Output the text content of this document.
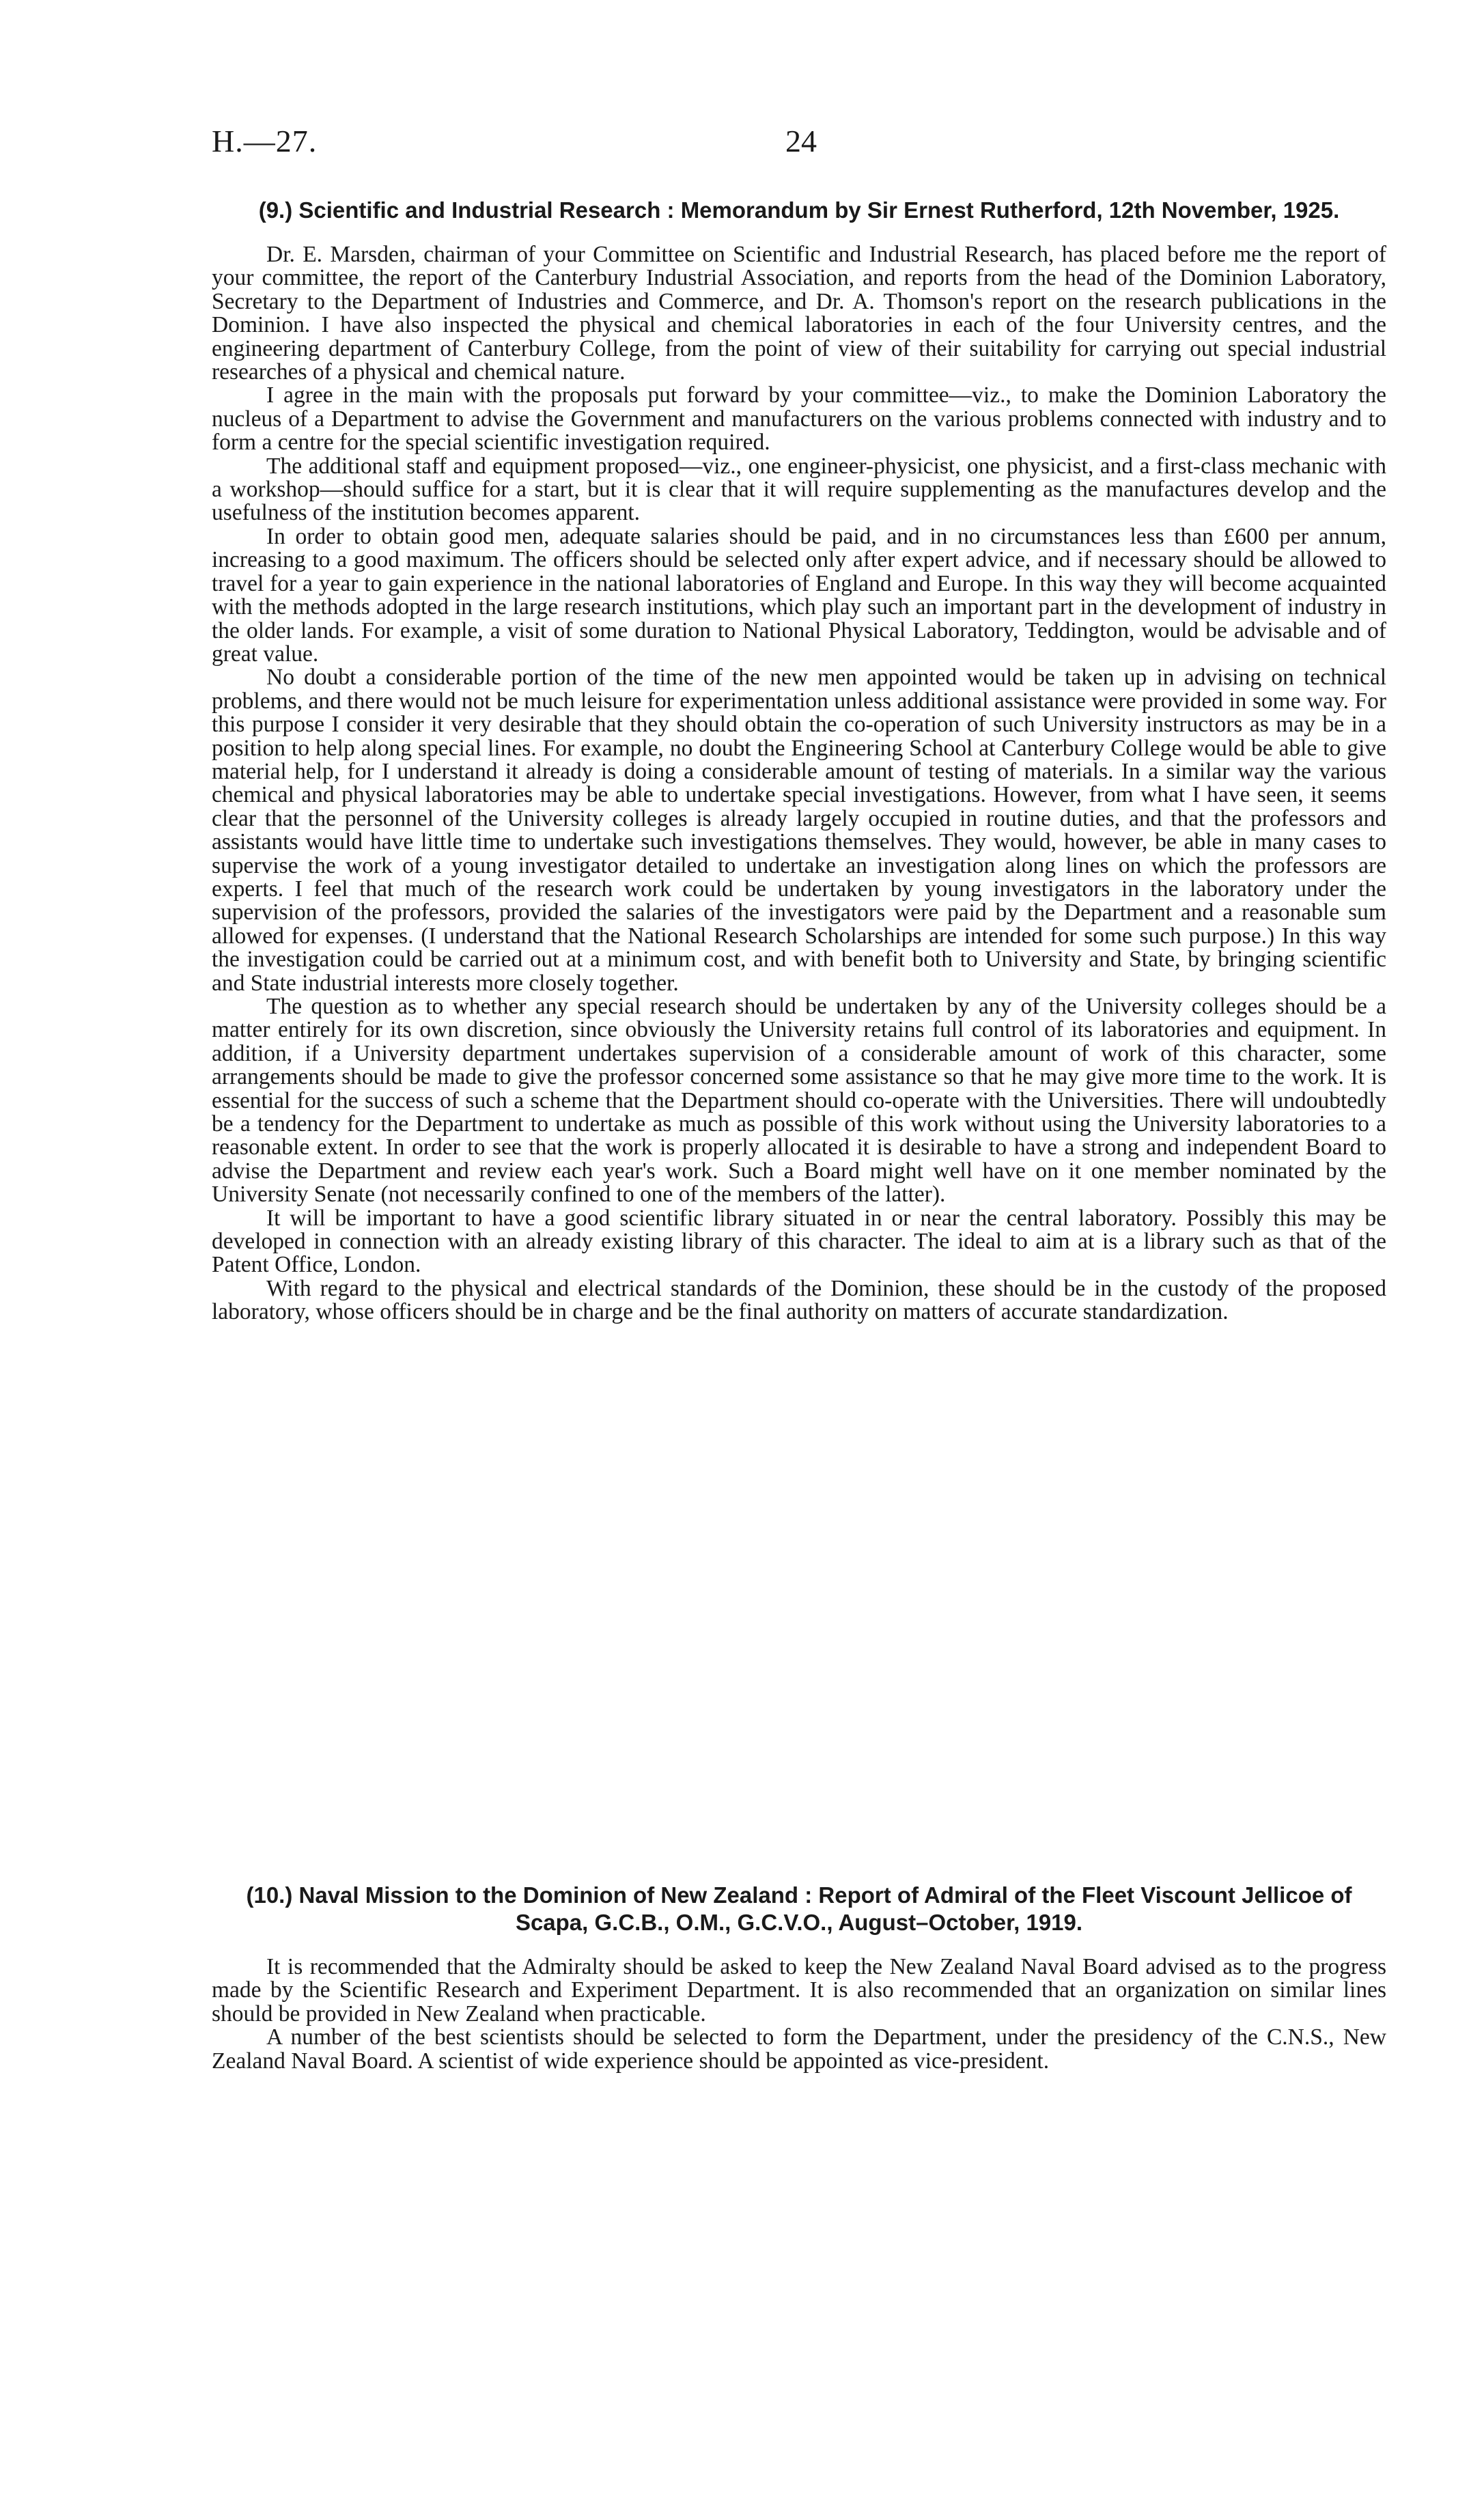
H.—27.	24
(9.) Scientific and Industrial Research : Memorandum by Sir Ernest Rutherford, 12th November, 1925.

Dr. E. Marsden, chairman of your Committee on Scientific and Industrial Research, has placed before me the report of your committee, the report of the Canterbury Industrial Association, and reports from the head of the Dominion Laboratory, Secretary to the Department of Industries and Commerce, and Dr. A. Thomson's report on the research publications in the Dominion. I have also inspected the physical and chemical laboratories in each of the four University centres, and the engineering department of Canterbury College, from the point of view of their suitability for carrying out special industrial researches of a physical and chemical nature.

I agree in the main with the proposals put forward by your committee—viz., to make the Dominion Laboratory the nucleus of a Department to advise the Government and manufacturers on the various problems connected with industry and to form a centre for the special scientific investigation required.

The additional staff and equipment proposed—viz., one engineer-physicist, one physicist, and a first-class mechanic with a workshop—should suffice for a start, but it is clear that it will require supplementing as the manufactures develop and the usefulness of the institution becomes apparent.

In order to obtain good men, adequate salaries should be paid, and in no circumstances less than £600 per annum, increasing to a good maximum. The officers should be selected only after expert advice, and if necessary should be allowed to travel for a year to gain experience in the national laboratories of England and Europe. In this way they will become acquainted with the methods adopted in the large research institutions, which play such an important part in the development of industry in the older lands. For example, a visit of some duration to National Physical Laboratory, Teddington, would be advisable and of great value.

No doubt a considerable portion of the time of the new men appointed would be taken up in advising on technical problems, and there would not be much leisure for experimentation unless additional assistance were provided in some way. For this purpose I consider it very desirable that they should obtain the co-operation of such University instructors as may be in a position to help along special lines. For example, no doubt the Engineering School at Canterbury College would be able to give material help, for I understand it already is doing a considerable amount of testing of materials. In a similar way the various chemical and physical laboratories may be able to undertake special investigations. However, from what I have seen, it seems clear that the personnel of the University colleges is already largely occupied in routine duties, and that the professors and assistants would have little time to undertake such investigations themselves. They would, however, be able in many cases to supervise the work of a young investigator detailed to undertake an investigation along lines on which the professors are experts. I feel that much of the research work could be undertaken by young investigators in the laboratory under the supervision of the professors, provided the salaries of the investigators were paid by the Department and a reasonable sum allowed for expenses. (I understand that the National Research Scholarships are intended for some such purpose.) In this way the investigation could be carried out at a minimum cost, and with benefit both to University and State, by bringing scientific and State industrial interests more closely together.

The question as to whether any special research should be undertaken by any of the University colleges should be a matter entirely for its own discretion, since obviously the University retains full control of its laboratories and equipment. In addition, if a University department undertakes supervision of a considerable amount of work of this character, some arrangements should be made to give the professor concerned some assistance so that he may give more time to the work. It is essential for the success of such a scheme that the Department should co-operate with the Universities. There will undoubtedly be a tendency for the Department to undertake as much as possible of this work without using the University laboratories to a reasonable extent. In order to see that the work is properly allocated it is desirable to have a strong and independent Board to advise the Department and review each year's work. Such a Board might well have on it one member nominated by the University Senate (not necessarily confined to one of the members of the latter).

It will be important to have a good scientific library situated in or near the central laboratory. Possibly this may be developed in connection with an already existing library of this character. The ideal to aim at is a library such as that of the Patent Office, London.

With regard to the physical and electrical standards of the Dominion, these should be in the custody of the proposed laboratory, whose officers should be in charge and be the final authority on matters of accurate standardization.

(10.) Naval Mission to the Dominion of New Zealand : Report of Admiral of the Fleet Viscount Jellicoe of Scapa, G.C.B., O.M., G.C.V.O., August–October, 1919.

It is recommended that the Admiralty should be asked to keep the New Zealand Naval Board advised as to the progress made by the Scientific Research and Experiment Department. It is also recommended that an organization on similar lines should be provided in New Zealand when practicable.

A number of the best scientists should be selected to form the Department, under the presidency of the C.N.S., New Zealand Naval Board. A scientist of wide experience should be appointed as vice-president.
